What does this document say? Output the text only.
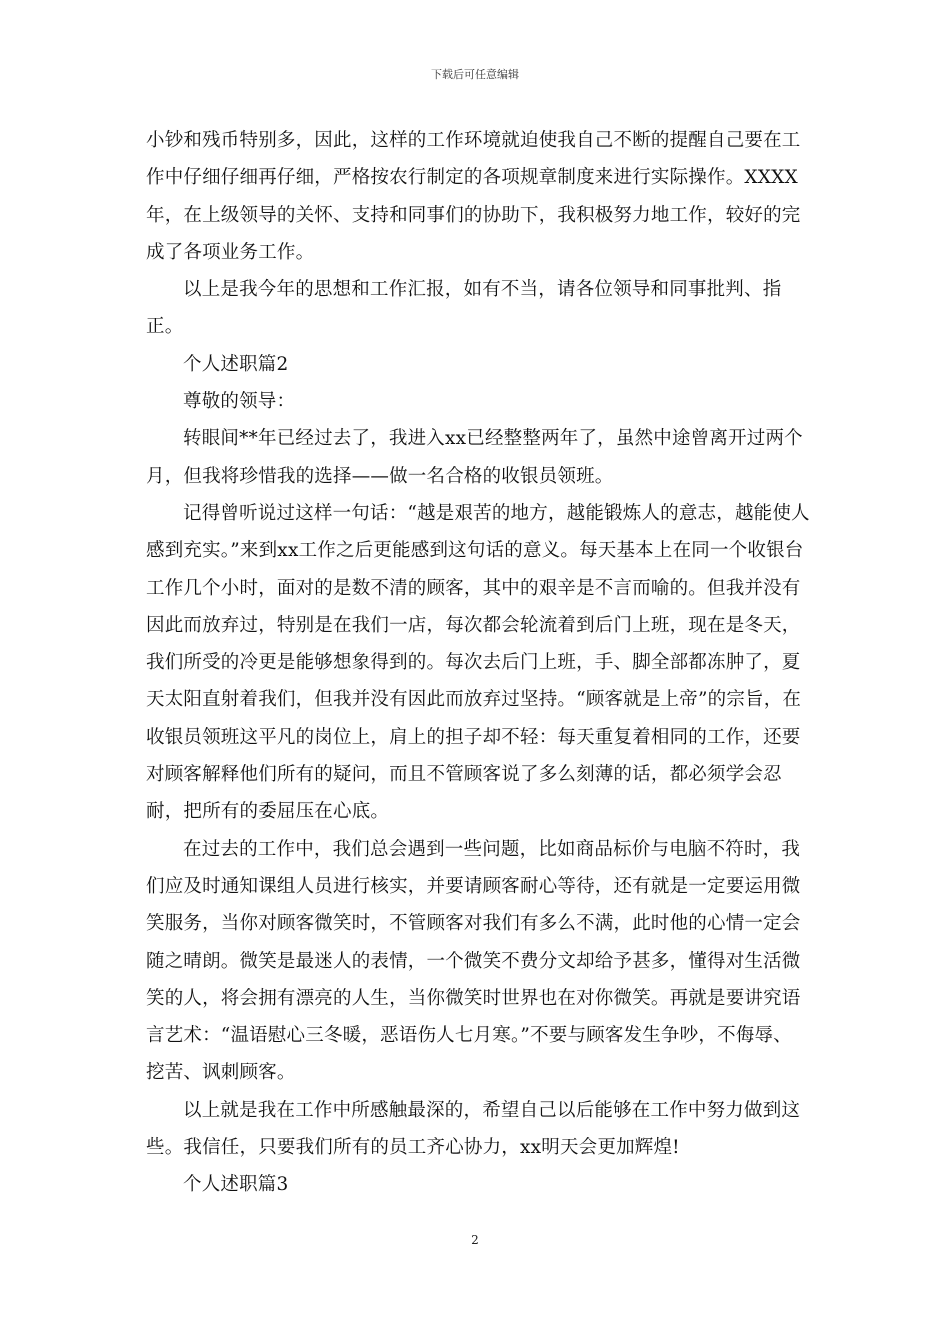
下载后可任意编辑

小钞和残币特别多，因此，这样的工作环境就迫使我自己不断的提醒自己要在工作中仔细仔细再仔细，严格按农行制定的各项规章制度来进行实际操作。XXXX年，在上级领导的关怀、支持和同事们的协助下，我积极努力地工作，较好的完成了各项业务工作。

以上是我今年的思想和工作汇报，如有不当，请各位领导和同事批判、指正。

个人述职篇2

尊敬的领导：

转眼间**年已经过去了，我进入xx已经整整两年了，虽然中途曾离开过两个月，但我将珍惜我的选择——做一名合格的收银员领班。

记得曾听说过这样一句话：“越是艰苦的地方，越能锻炼人的意志，越能使人感到充实。”来到xx工作之后更能感到这句话的意义。每天基本上在同一个收银台工作几个小时，面对的是数不清的顾客，其中的艰辛是不言而喻的。但我并没有因此而放弃过，特别是在我们一店，每次都会轮流着到后门上班，现在是冬天，我们所受的冷更是能够想象得到的。每次去后门上班，手、脚全部都冻肿了，夏天太阳直射着我们，但我并没有因此而放弃过坚持。“顾客就是上帝”的宗旨，在收银员领班这平凡的岗位上，肩上的担子却不轻：每天重复着相同的工作，还要对顾客解释他们所有的疑问，而且不管顾客说了多么刻薄的话，都必须学会忍耐，把所有的委屈压在心底。

在过去的工作中，我们总会遇到一些问题，比如商品标价与电脑不符时，我们应及时通知课组人员进行核实，并要请顾客耐心等待，还有就是一定要运用微笑服务，当你对顾客微笑时，不管顾客对我们有多么不满，此时他的心情一定会随之晴朗。微笑是最迷人的表情，一个微笑不费分文却给予甚多，懂得对生活微笑的人，将会拥有漂亮的人生，当你微笑时世界也在对你微笑。再就是要讲究语言艺术：“温语慰心三冬暖，恶语伤人七月寒。”不要与顾客发生争吵，不侮辱、挖苦、讽刺顾客。

以上就是我在工作中所感触最深的，希望自己以后能够在工作中努力做到这些。我信任，只要我们所有的员工齐心协力，xx明天会更加辉煌!

个人述职篇3

2
